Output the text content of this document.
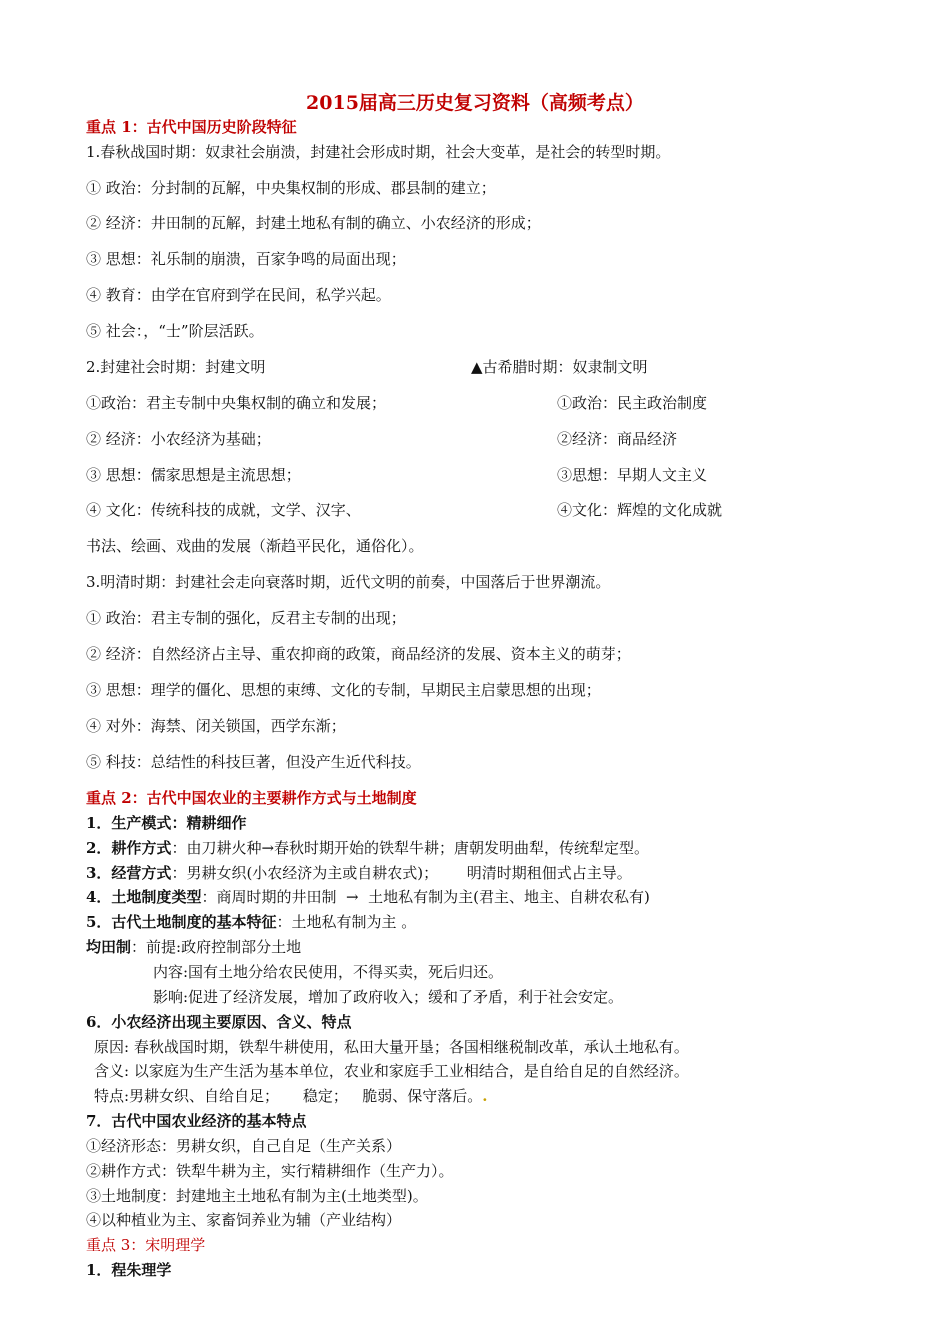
2015届高三历史复习资料（高频考点）
重点 1：古代中国历史阶段特征
1.春秋战国时期：奴隶社会崩溃，封建社会形成时期，社会大变革，是社会的转型时期。
① 政治：分封制的瓦解，中央集权制的形成、郡县制的建立；
② 经济：井田制的瓦解，封建土地私有制的确立、小农经济的形成；
③ 思想：礼乐制的崩溃，百家争鸣的局面出现；
④ 教育：由学在官府到学在民间，私学兴起。
⑤ 社会：，“士”阶层活跃。
2.封建社会时期：封建文明	▲古希腊时期：奴隶制文明
①政治：君主专制中央集权制的确立和发展；	①政治：民主政治制度
② 经济：小农经济为基础；	②经济：商品经济
③ 思想：儒家思想是主流思想；	③思想：早期人文主义
④ 文化：传统科技的成就，文学、汉字、	④文化：辉煌的文化成就
书法、绘画、戏曲的发展（渐趋平民化，通俗化）。
3.明清时期：封建社会走向衰落时期，近代文明的前奏，中国落后于世界潮流。
① 政治：君主专制的强化，反君主专制的出现；
② 经济：自然经济占主导、重农抑商的政策，商品经济的发展、资本主义的萌芽；
③ 思想：理学的僵化、思想的束缚、文化的专制，早期民主启蒙思想的出现；
④ 对外：海禁、闭关锁国，西学东渐；
⑤ 科技：总结性的科技巨著，但没产生近代科技。
重点 2：古代中国农业的主要耕作方式与土地制度
1．生产模式：精耕细作
2．耕作方式：由刀耕火种→春秋时期开始的铁犁牛耕；唐朝发明曲犁，传统犁定型。
3．经营方式：男耕女织(小农经济为主或自耕农式)；      明清时期租佃式占主导。
4．土地制度类型：商周时期的井田制  →  土地私有制为主(君主、地主、自耕农私有)
5．古代土地制度的基本特征：土地私有制为主 。
均田制：前提:政府控制部分土地
内容:国有土地分给农民使用，不得买卖，死后归还。
影响:促进了经济发展，增加了政府收入；缓和了矛盾，利于社会安定。
6．小农经济出现主要原因、含义、特点
原因: 春秋战国时期，铁犁牛耕使用，私田大量开垦；各国相继税制改革，承认土地私有。
含义: 以家庭为生产生活为基本单位，农业和家庭手工业相结合，是自给自足的自然经济。
特点:男耕女织、自给自足；     稳定；   脆弱、保守落后。.
7．古代中国农业经济的基本特点
①经济形态：男耕女织，自己自足（生产关系）
②耕作方式：铁犁牛耕为主，实行精耕细作（生产力）。
③土地制度：封建地主土地私有制为主(土地类型)。
④以种植业为主、家畜饲养业为辅（产业结构）
重点 3：宋明理学
1．程朱理学
